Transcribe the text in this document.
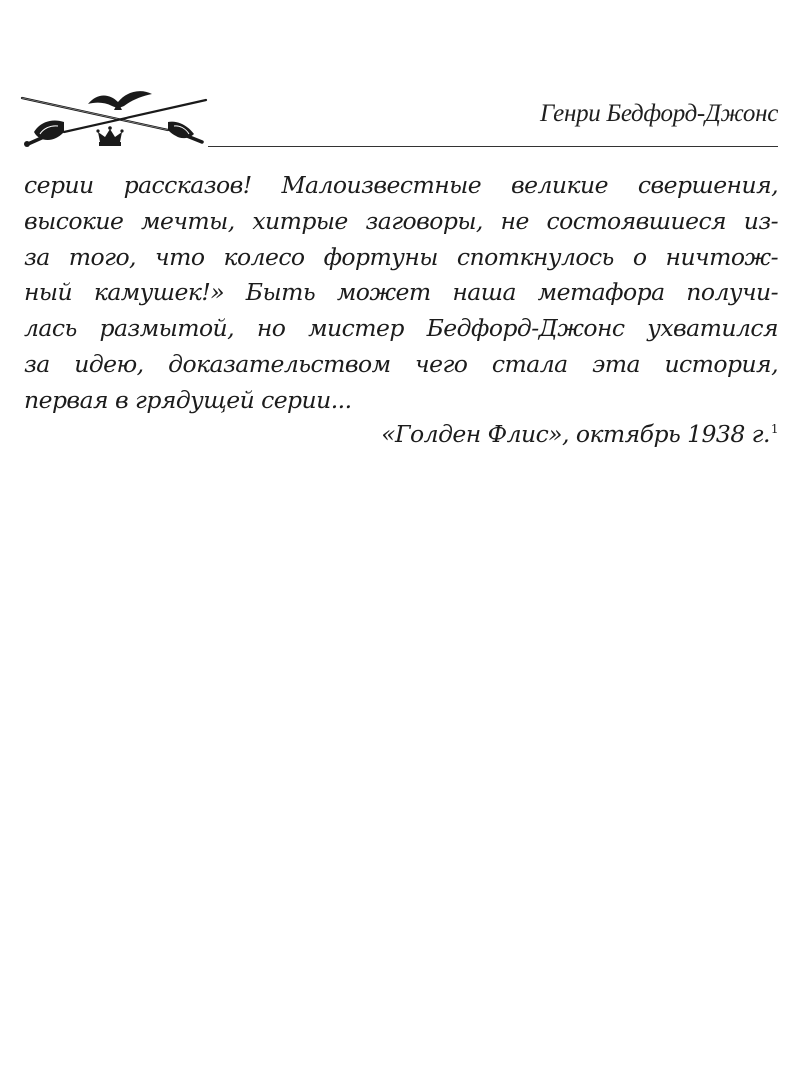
Генри Бедфорд-Джонс
серии рассказов! Малоизвестные великие свершения,
высокие мечты, хитрые заговоры, не состоявшиеся из-
за того, что колесо фортуны споткнулось о ничтож-
ный камушек!» Быть может наша метафора получи-
лась размытой, но мистер Бедфорд-Джонс ухватился
за идею, доказательством чего стала эта история,
первая в грядущей серии...
«Голден Флис», октябрь 1938 г.$^1$
